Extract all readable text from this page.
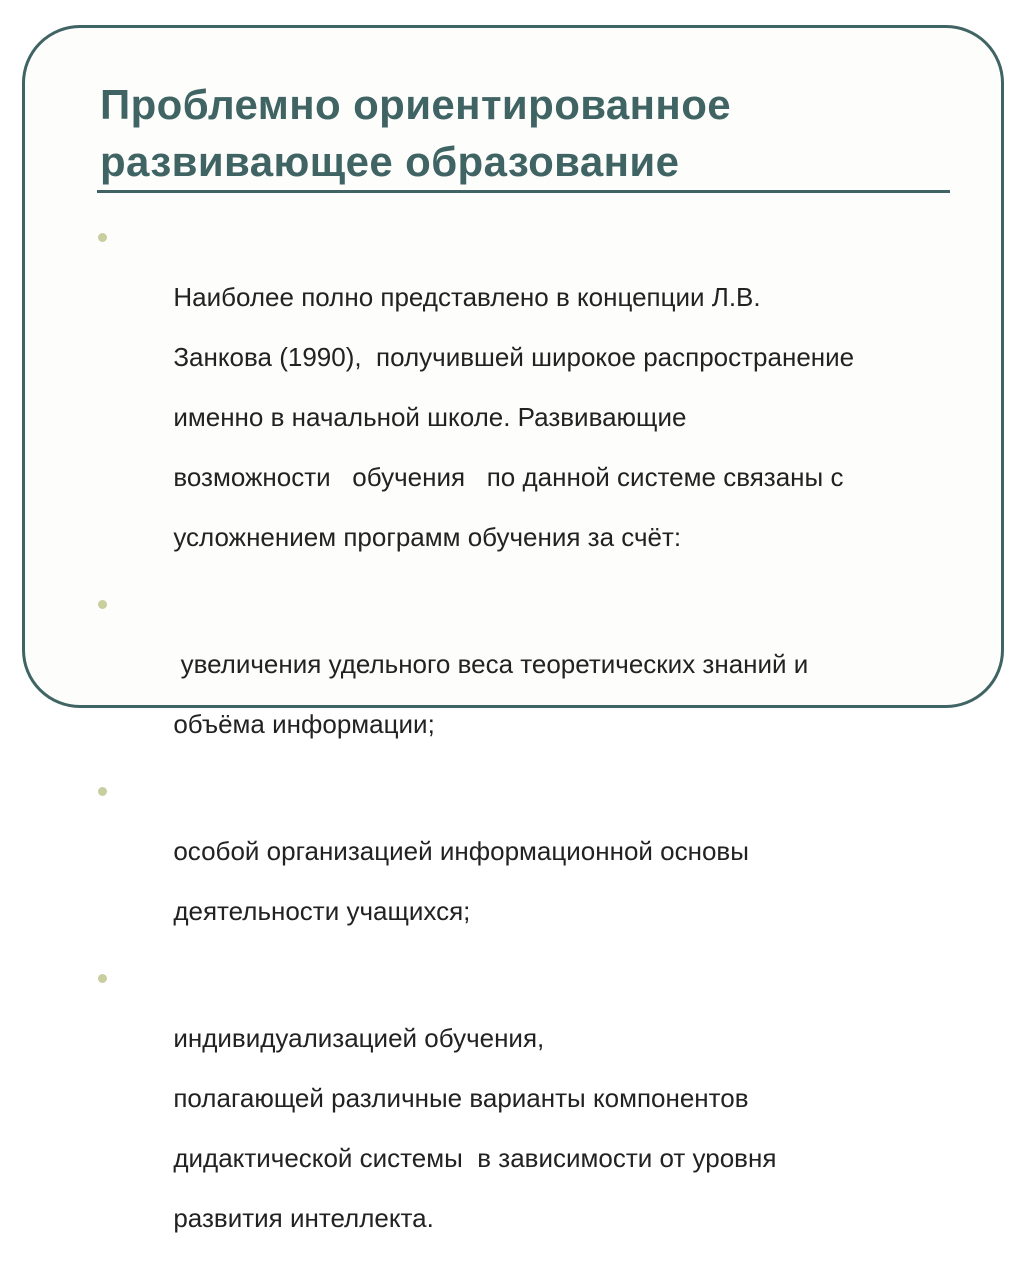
Проблемно ориентированное
развивающее образование

Наиболее полно представлено в концепции Л.В.

Занкова (1990),  получившей широкое распространение

именно в начальной школе. Развивающие

возможности   обучения   по данной системе связаны с

усложнением программ обучения за счёт:

увеличения удельного веса теоретических знаний и

объёма информации;

особой организацией информационной основы

деятельности учащихся;

индивидуализацией обучения,

полагающей различные варианты компонентов

дидактической системы  в зависимости от уровня

развития интеллекта.
